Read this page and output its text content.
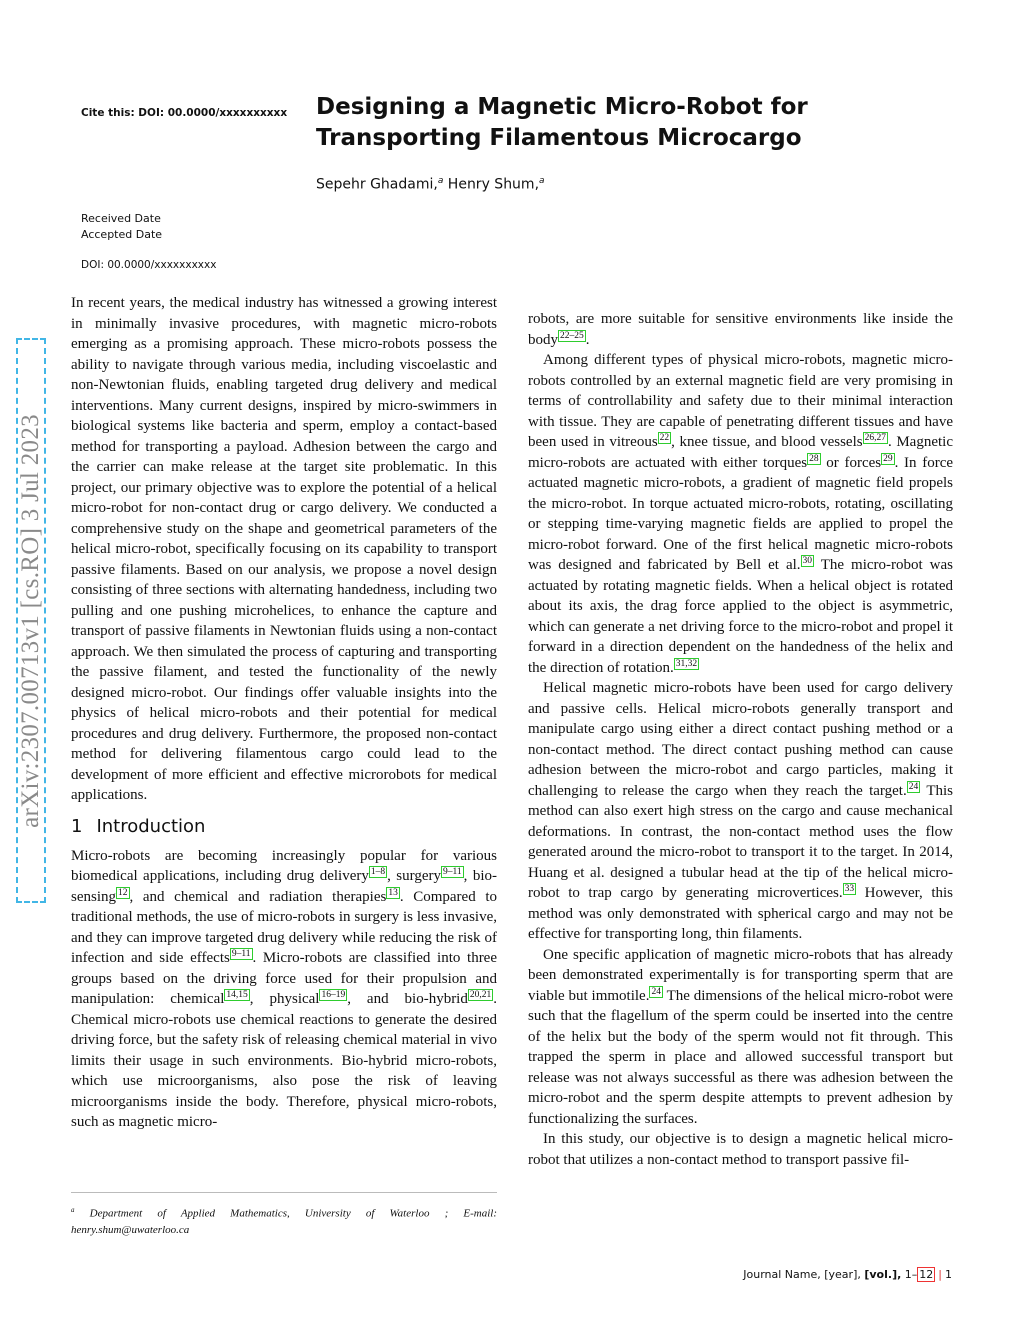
arXiv:2307.00713v1 [cs.RO] 3 Jul 2023
Cite this: DOI: 00.0000/xxxxxxxxxx Designing a Magnetic Micro-Robot for Transporting Filamentous Microcargo
Sepehr Ghadami,$^a$ Henry Shum,$^a$
Received Date
Accepted Date
DOI: 00.0000/xxxxxxxxxx

In recent years, the medical industry has witnessed a growing interest in minimally invasive procedures, with magnetic micro-robots emerging as a promising approach. These micro-robots possess the ability to navigate through various media, including viscoelastic and non-Newtonian fluids, enabling targeted drug delivery and medical interventions. Many current designs, inspired by micro-swimmers in biological systems like bacteria and sperm, employ a contact-based method for transporting a payload. Adhesion between the cargo and the carrier can make release at the target site problematic. In this project, our primary objective was to explore the potential of a helical micro-robot for non-contact drug or cargo delivery. We conducted a comprehensive study on the shape and geometrical parameters of the helical micro-robot, specifically focusing on its capability to transport passive filaments. Based on our analysis, we propose a novel design consisting of three sections with alternating handedness, including two pulling and one pushing microhelices, to enhance the capture and transport of passive filaments in Newtonian fluids using a non-contact approach. We then simulated the process of capturing and transporting the passive filament, and tested the functionality of the newly designed micro-robot. Our findings offer valuable insights into the physics of helical micro-robots and their potential for medical procedures and drug delivery. Furthermore, the proposed non-contact method for delivering filamentous cargo could lead to the development of more efficient and effective microrobots for medical applications.

1 Introduction

Micro-robots are becoming increasingly popular for various biomedical applications, including drug delivery $^{1-8}$ , surgery $^{9-11}$ , bio-sensing $^{12}$ , and chemical and radiation therapies $^{13}$ . Compared to traditional methods, the use of micro-robots in surgery is less invasive, and they can improve targeted drug delivery while reducing the risk of infection and side effects $^{9-11}$ . Micro-robots are classified into three groups based on the driving force used for their propulsion and manipulation: chemical $^{14,15}$ , physical $^{16-19}$ , and bio-hybrid $^{20,21}$ . Chemical micro-robots use chemical reactions to generate the desired driving force, but the safety risk of releasing chemical material in vivo limits their usage in such environments. Bio-hybrid micro-robots, which use microorganisms, also pose the risk of leaving microorganisms inside the body. Therefore, physical micro-robots, such as magnetic micro-

robots, are more suitable for sensitive environments like inside the body $^{22-25}$ .

Among different types of physical micro-robots, magnetic micro-robots controlled by an external magnetic field are very promising in terms of controllability and safety due to their minimal interaction with tissue. They are capable of penetrating different tissues and have been used in vitreous $^{22}$ , knee tissue, and blood vessels $^{26,27}$ . Magnetic micro-robots are actuated with either torques $^{28}$ or forces $^{29}$ . In force actuated magnetic micro-robots, a gradient of magnetic field propels the micro-robot. In torque actuated micro-robots, rotating, oscillating or stepping time-varying magnetic fields are applied to propel the micro-robot forward. One of the first helical magnetic micro-robots was designed and fabricated by Bell et al. $^{30}$ The micro-robot was actuated by rotating magnetic fields. When a helical object is rotated about its axis, the drag force applied to the object is asymmetric, which can generate a net driving force to the micro-robot and propel it forward in a direction dependent on the handedness of the helix and the direction of rotation. $^{31,32}$

Helical magnetic micro-robots have been used for cargo delivery and passive cells. Helical micro-robots generally transport and manipulate cargo using either a direct contact pushing method or a non-contact method. The direct contact pushing method can cause adhesion between the micro-robot and cargo particles, making it challenging to release the cargo when they reach the target. $^{24}$ This method can also exert high stress on the cargo and cause mechanical deformations. In contrast, the non-contact method uses the flow generated around the micro-robot to transport it to the target. In 2014, Huang et al. designed a tubular head at the tip of the helical micro-robot to trap cargo by generating microvertices. $^{33}$ However, this method was only demonstrated with spherical cargo and may not be effective for transporting long, thin filaments.

One specific application of magnetic micro-robots that has already been demonstrated experimentally is for transporting sperm that are viable but immotile. $^{24}$ The dimensions of the helical micro-robot were such that the flagellum of the sperm could be inserted into the centre of the helix but the body of the sperm would not fit through. This trapped the sperm in place and allowed successful transport but release was not always successful as there was adhesion between the micro-robot and the sperm despite attempts to prevent adhesion by functionalizing the surfaces.

In this study, our objective is to design a magnetic helical micro-robot that utilizes a non-contact method to transport passive fil-

$^a$ Department of Applied Mathematics, University of Waterloo ; E-mail: henry.shum@uwaterloo.ca
Journal Name, [year], [vol.], 1– 12 | 1
